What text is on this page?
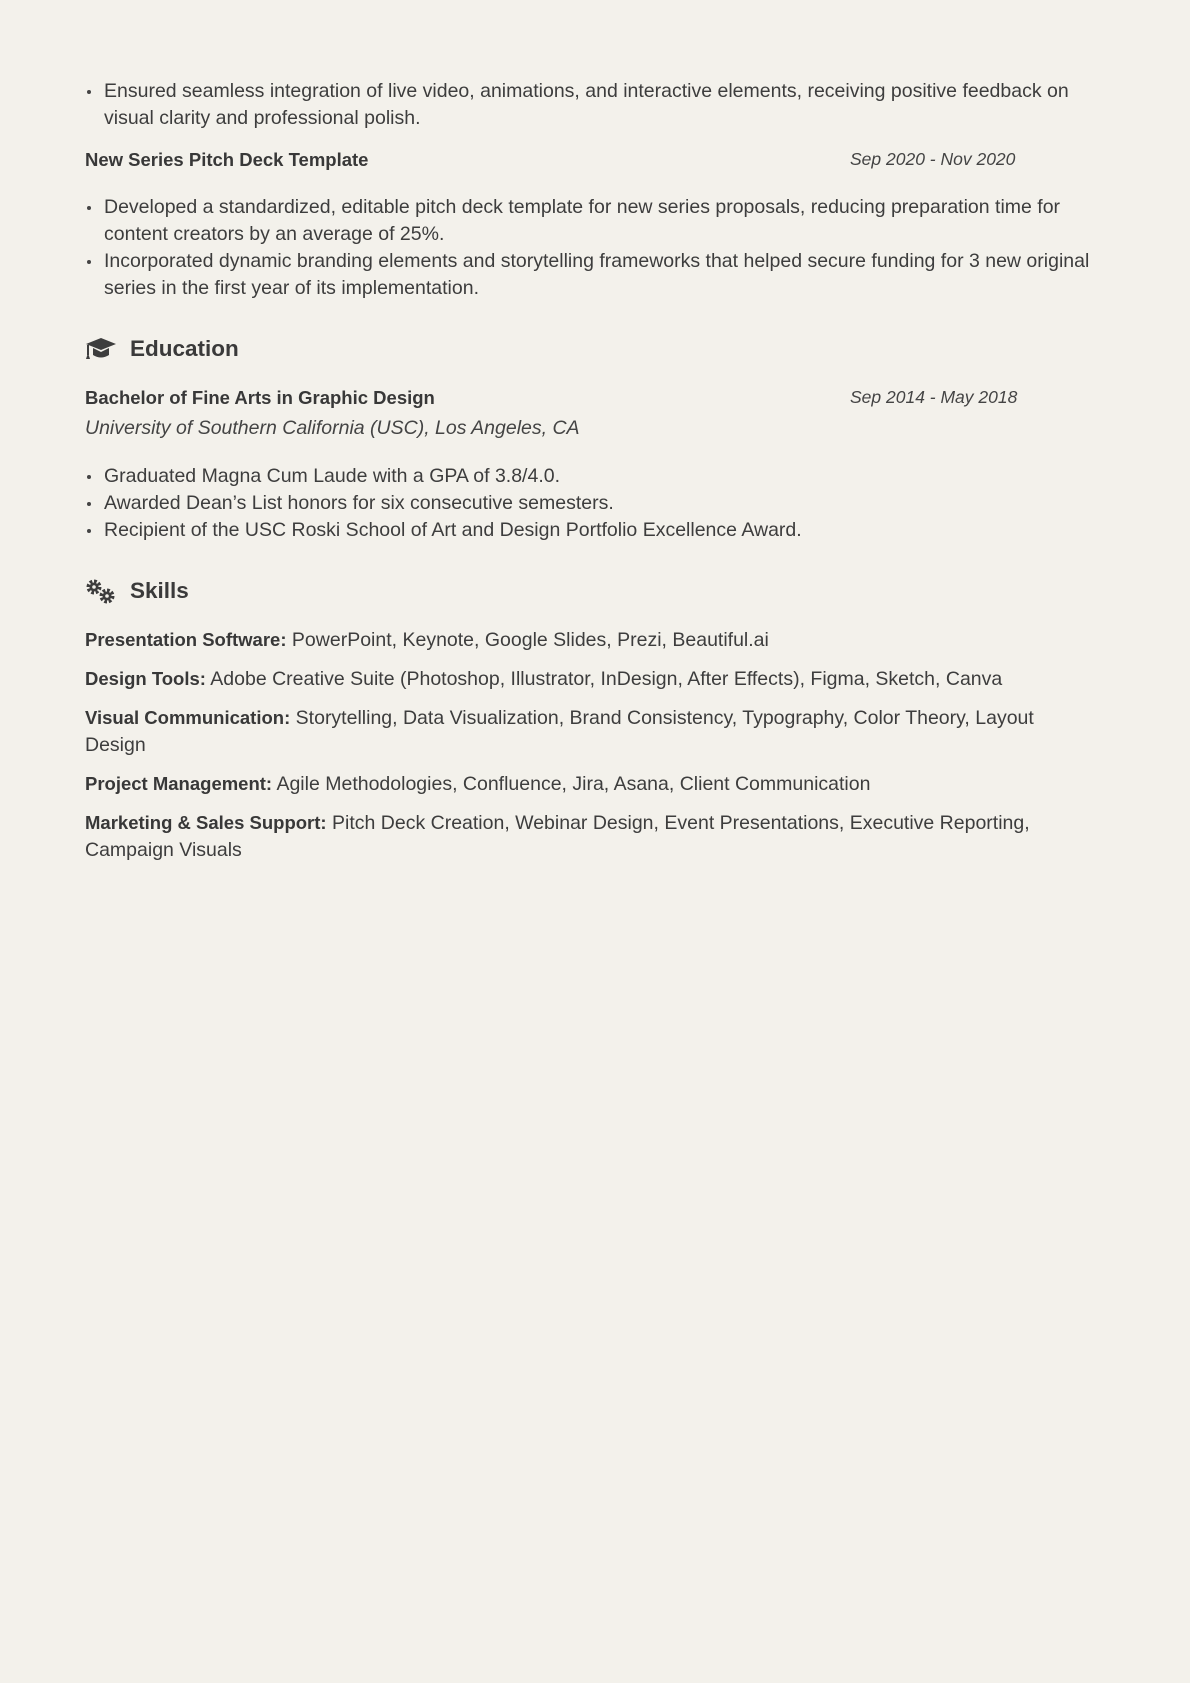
Ensured seamless integration of live video, animations, and interactive elements, receiving positive feedback on visual clarity and professional polish.
New Series Pitch Deck Template	Sep 2020 - Nov 2020
Developed a standardized, editable pitch deck template for new series proposals, reducing preparation time for content creators by an average of 25%.
Incorporated dynamic branding elements and storytelling frameworks that helped secure funding for 3 new original series in the first year of its implementation.
Education
Bachelor of Fine Arts in Graphic Design	Sep 2014 - May 2018
University of Southern California (USC), Los Angeles, CA
Graduated Magna Cum Laude with a GPA of 3.8/4.0.
Awarded Dean’s List honors for six consecutive semesters.
Recipient of the USC Roski School of Art and Design Portfolio Excellence Award.
Skills
Presentation Software: PowerPoint, Keynote, Google Slides, Prezi, Beautiful.ai
Design Tools: Adobe Creative Suite (Photoshop, Illustrator, InDesign, After Effects), Figma, Sketch, Canva
Visual Communication: Storytelling, Data Visualization, Brand Consistency, Typography, Color Theory, Layout Design
Project Management: Agile Methodologies, Confluence, Jira, Asana, Client Communication
Marketing & Sales Support: Pitch Deck Creation, Webinar Design, Event Presentations, Executive Reporting, Campaign Visuals
